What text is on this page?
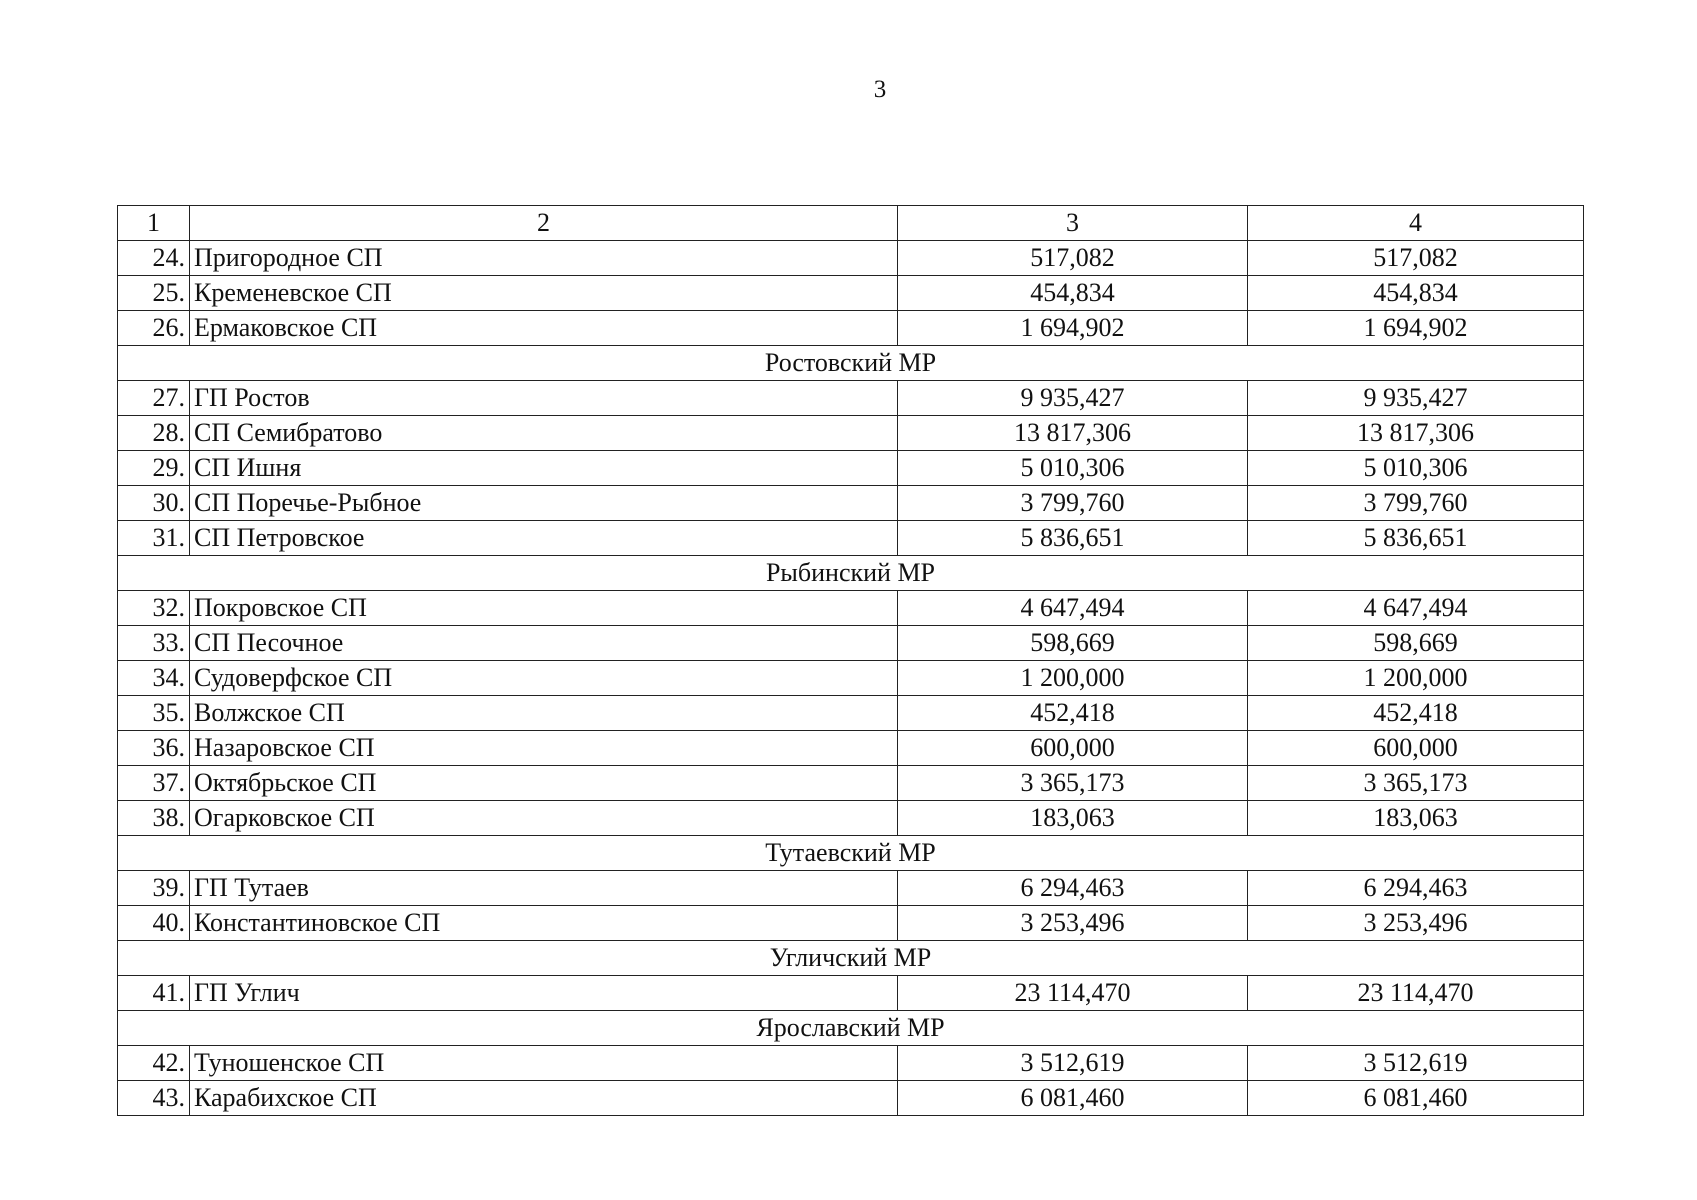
3
1	2	3	4
24.	Пригородное СП	517,082	517,082
25.	Кременевское СП	454,834	454,834
26.	Ермаковское СП	1 694,902	1 694,902
Ростовский МР			
27.	ГП Ростов	9 935,427	9 935,427
28.	СП Семибратово	13 817,306	13 817,306
29.	СП Ишня	5 010,306	5 010,306
30.	СП Поречье-Рыбное	3 799,760	3 799,760
31.	СП Петровское	5 836,651	5 836,651
Рыбинский МР			
32.	Покровское СП	4 647,494	4 647,494
33.	СП Песочное	598,669	598,669
34.	Судоверфское СП	1 200,000	1 200,000
35.	Волжское СП	452,418	452,418
36.	Назаровское СП	600,000	600,000
37.	Октябрьское СП	3 365,173	3 365,173
38.	Огарковское СП	183,063	183,063
Тутаевский МР			
39.	ГП Тутаев	6 294,463	6 294,463
40.	Константиновское СП	3 253,496	3 253,496
Угличский МР			
41.	ГП Углич	23 114,470	23 114,470
Ярославский МР			
42.	Туношенское СП	3 512,619	3 512,619
43.	Карабихское СП	6 081,460	6 081,460
